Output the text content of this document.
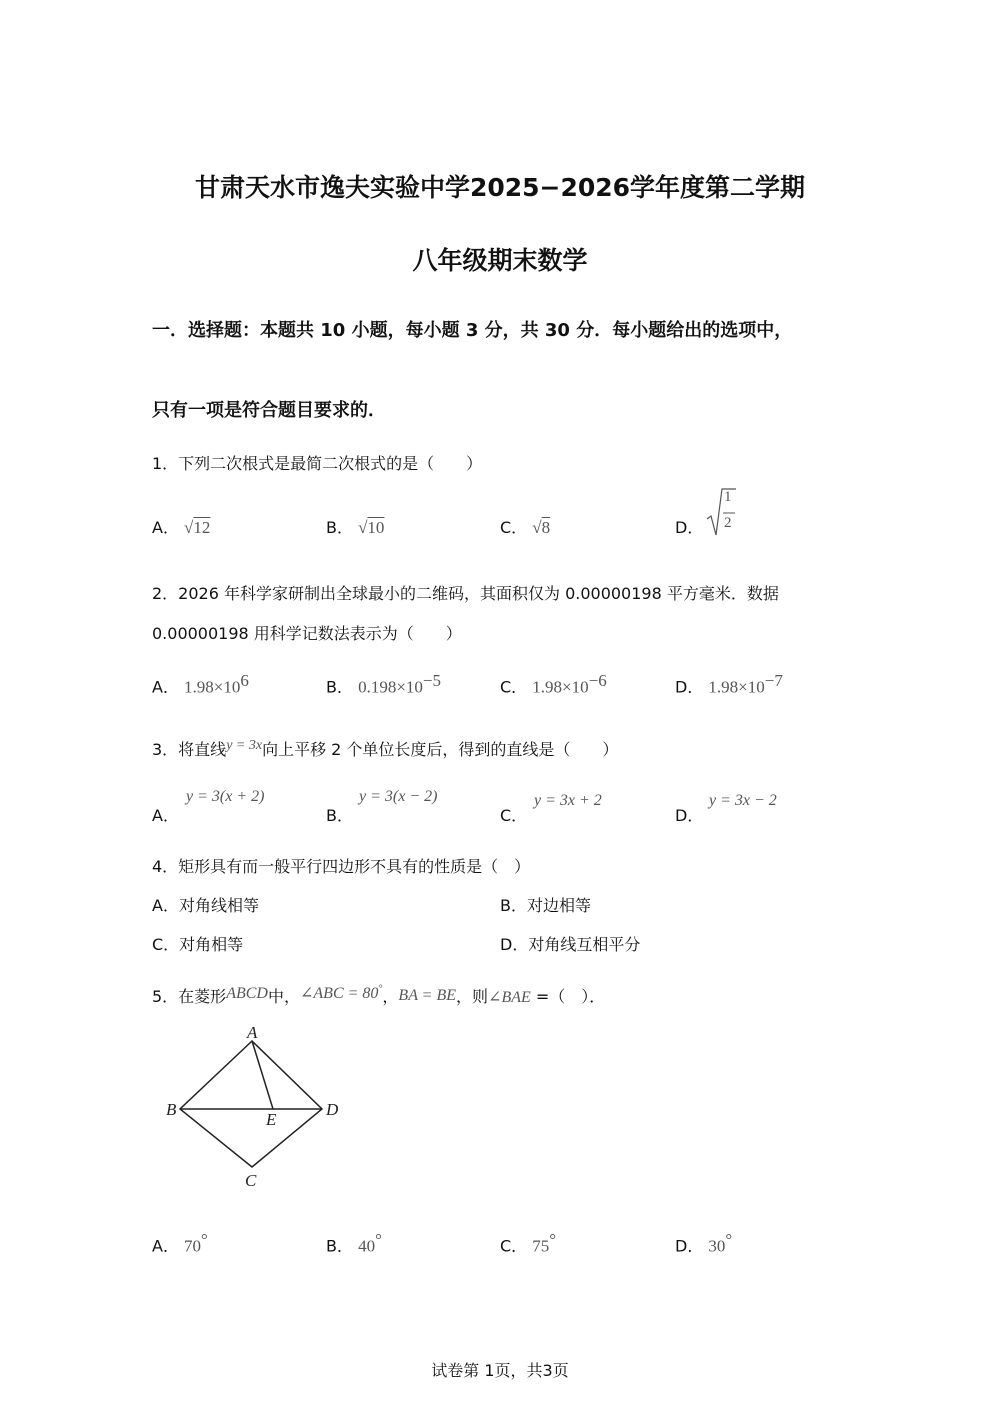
甘肃天水市逸夫实验中学2025−2026学年度第二学期
八年级期末数学
一．选择题：本题共 10 小题，每小题 3 分，共 30 分．每小题给出的选项中，
只有一项是符合题目要求的．
1．下列二次根式是最简二次根式的是（　　）
A． √12	B． √10	C． √8	D．
1
2
2．2026 年科学家研制出全球最小的二维码，其面积仅为 0.00000198 平方毫米．数据
0.00000198 用科学记数法表示为（　　）
A． $1.98\times 10^6$	B． $0.198\times 10^{-5}$	C． $1.98\times 10^{-6}$	D． $1.98\times 10^{-7}$
3．将直线y = 3x向上平移 2 个单位长度后，得到的直线是（　　）
A．
y = 3(x + 2)
B．
y = 3(x − 2)
C．
y = 3x + 2
D．
y = 3x − 2
4．矩形具有而一般平行四边形不具有的性质是（　）
A．对角线相等	B．对边相等
C．对角相等	D．对角线互相平分
5．在菱形ABCD中，∠ABC = 80°，BA = BE，则∠BAE =（　）．
A
B
C
D
E
A． 70°	B． 40°	C． 75°	D． 30°
试卷第 1页，共3页
